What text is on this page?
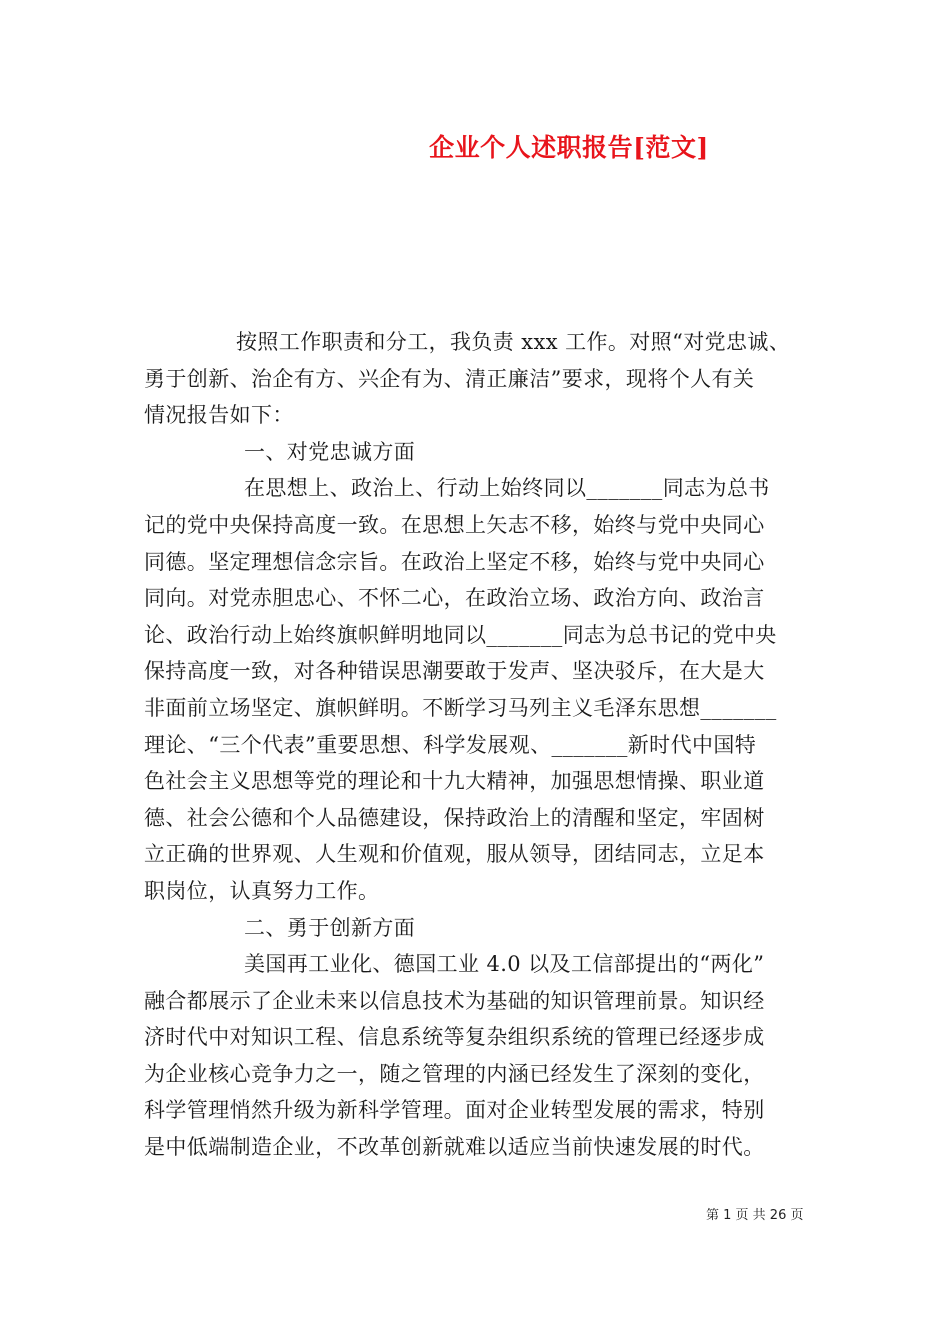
企业个人述职报告[范文]
按照工作职责和分工，我负责 xxx 工作。对照“对党忠诚、
勇于创新、治企有方、兴企有为、清正廉洁”要求，现将个人有关
情况报告如下：
一、对党忠诚方面
在思想上、政治上、行动上始终同以_______同志为总书
记的党中央保持高度一致。在思想上矢志不移，始终与党中央同心
同德。坚定理想信念宗旨。在政治上坚定不移，始终与党中央同心
同向。对党赤胆忠心、不怀二心，在政治立场、政治方向、政治言
论、政治行动上始终旗帜鲜明地同以_______同志为总书记的党中央
保持高度一致，对各种错误思潮要敢于发声、坚决驳斥，在大是大
非面前立场坚定、旗帜鲜明。不断学习马列主义毛泽东思想_______
理论、“三个代表”重要思想、科学发展观、_______新时代中国特
色社会主义思想等党的理论和十九大精神，加强思想情操、职业道
德、社会公德和个人品德建设，保持政治上的清醒和坚定，牢固树
立正确的世界观、人生观和价值观，服从领导，团结同志，立足本
职岗位，认真努力工作。
二、勇于创新方面
美国再工业化、德国工业 4.0 以及工信部提出的“两化”
融合都展示了企业未来以信息技术为基础的知识管理前景。知识经
济时代中对知识工程、信息系统等复杂组织系统的管理已经逐步成
为企业核心竞争力之一，随之管理的内涵已经发生了深刻的变化，
科学管理悄然升级为新科学管理。面对企业转型发展的需求，特别
是中低端制造企业，不改革创新就难以适应当前快速发展的时代。
第 1 页 共 26 页
